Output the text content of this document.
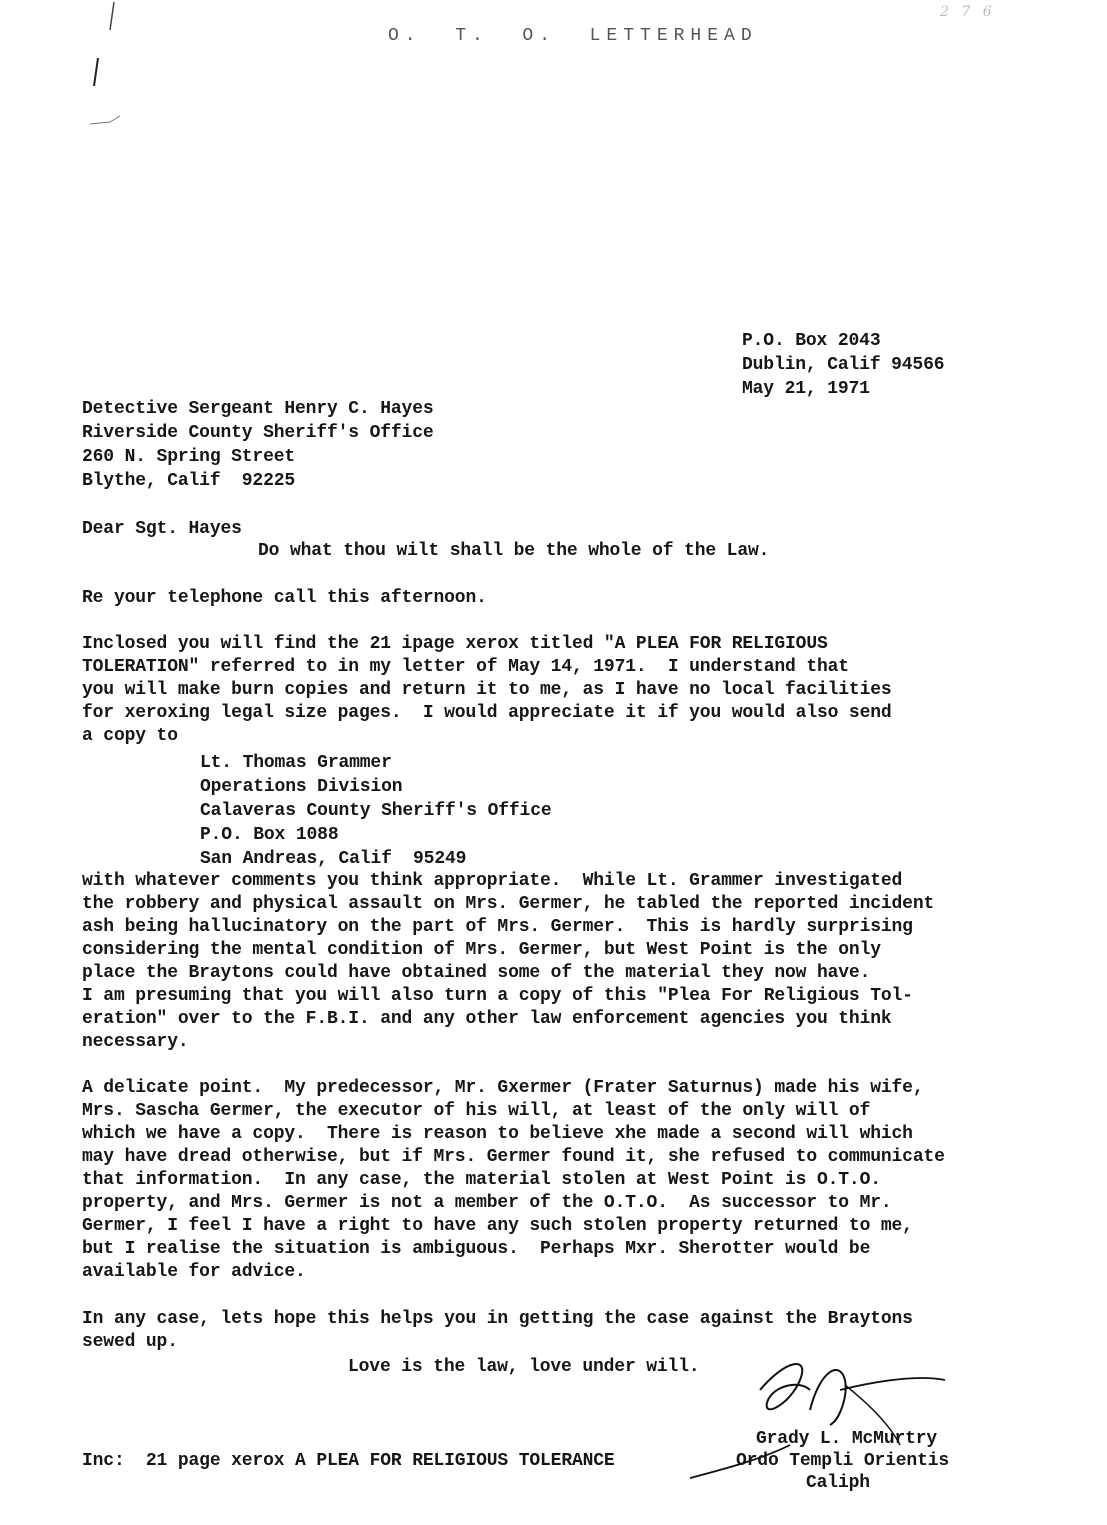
O.  T.  O.  LETTERHEAD
2 7 6
P.O. Box 2043
Dublin, Calif 94566
May 21, 1971
Detective Sergeant Henry C. Hayes
Riverside County Sheriff's Office
260 N. Spring Street
Blythe, Calif  92225
Dear Sgt. Hayes
Do what thou wilt shall be the whole of the Law.
Re your telephone call this afternoon.
Inclosed you will find the 21 ipage xerox titled "A PLEA FOR RELIGIOUS
TOLERATION" referred to in my letter of May 14, 1971.  I understand that
you will make burn copies and return it to me, as I have no local facilities
for xeroxing legal size pages.  I would appreciate it if you would also send
a copy to
Lt. Thomas Grammer
Operations Division
Calaveras County Sheriff's Office
P.O. Box 1088
San Andreas, Calif  95249
with whatever comments you think appropriate.  While Lt. Grammer investigated
the robbery and physical assault on Mrs. Germer, he tabled the reported incident
ash being hallucinatory on the part of Mrs. Germer.  This is hardly surprising
considering the mental condition of Mrs. Germer, but West Point is the only
place the Braytons could have obtained some of the material they now have.
I am presuming that you will also turn a copy of this "Plea For Religious Tol-
eration" over to the F.B.I. and any other law enforcement agencies you think
necessary.
A delicate point.  My predecessor, Mr. Gxermer (Frater Saturnus) made his wife,
Mrs. Sascha Germer, the executor of his will, at least of the only will of
which we have a copy.  There is reason to believe xhe made a second will which
may have dread otherwise, but if Mrs. Germer found it, she refused to communicate
that information.  In any case, the material stolen at West Point is O.T.O.
property, and Mrs. Germer is not a member of the O.T.O.  As successor to Mr.
Germer, I feel I have a right to have any such stolen property returned to me,
but I realise the situation is ambiguous.  Perhaps Mxr. Sherotter would be
available for advice.
In any case, lets hope this helps you in getting the case against the Braytons
sewed up.
Love is the law, love under will.
Grady L. McMurtry
Ordo Templi Orientis
Caliph
Inc:  21 page xerox A PLEA FOR RELIGIOUS TOLERANCE
